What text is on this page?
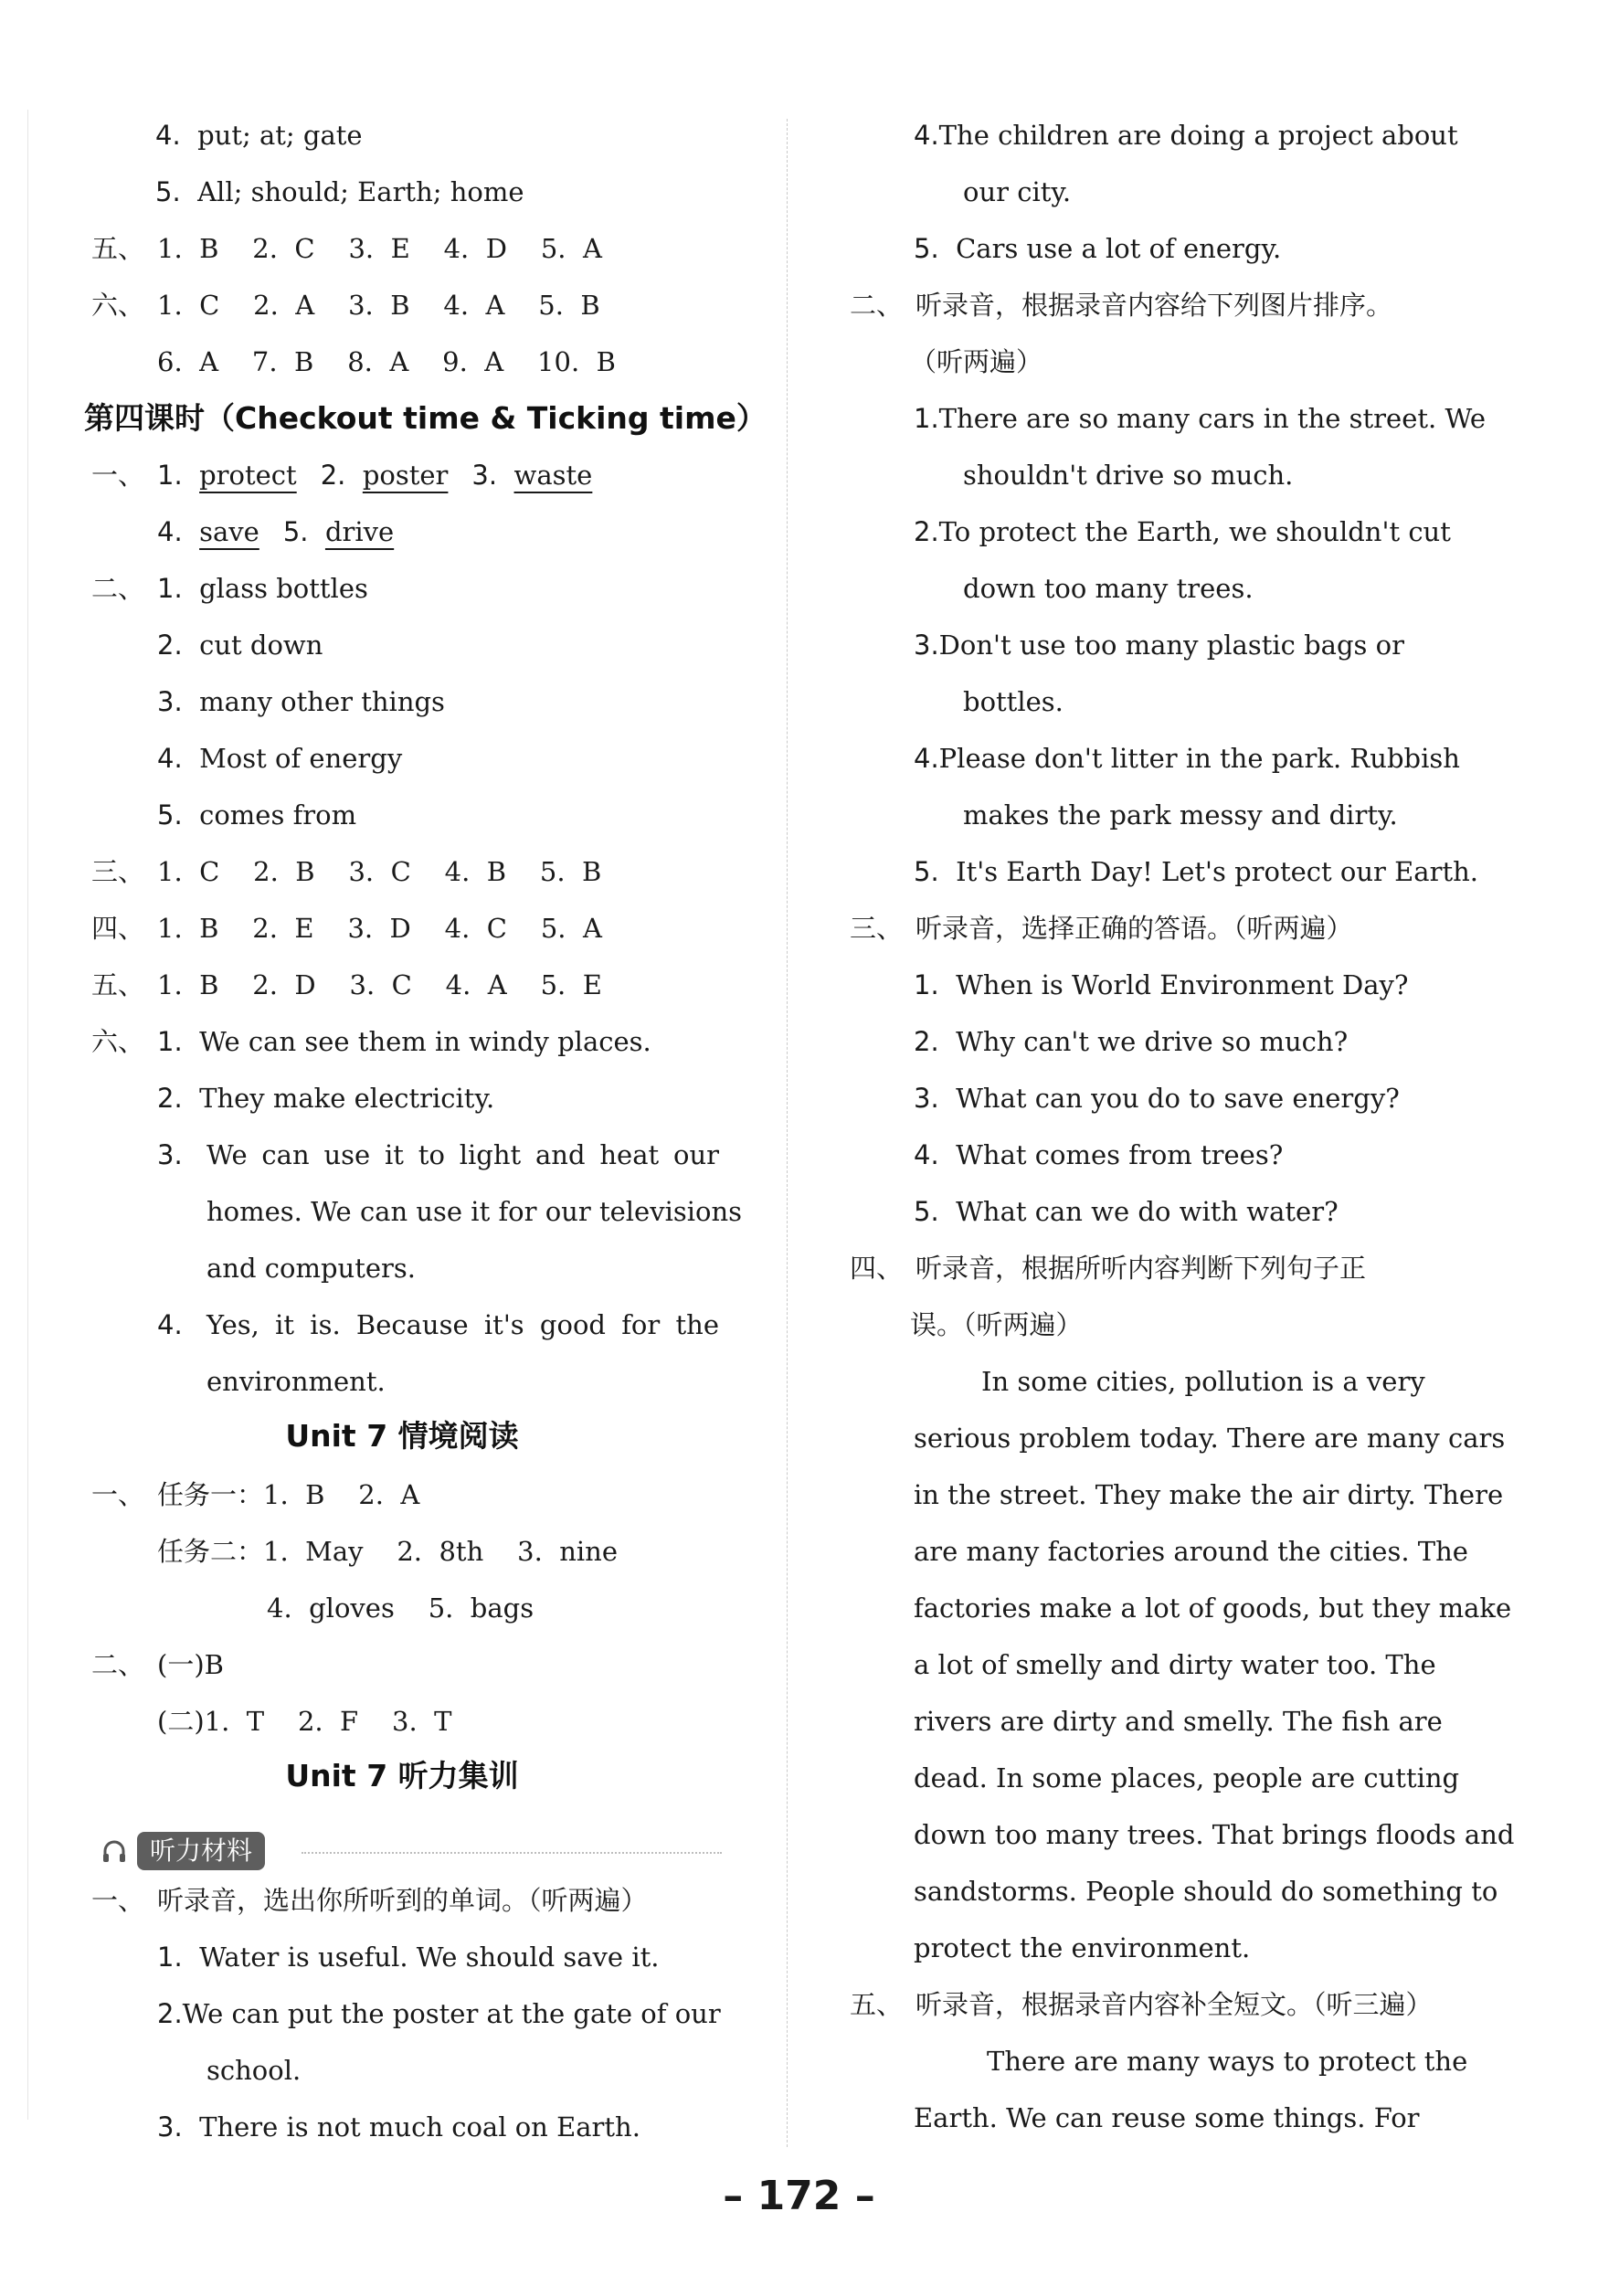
4. put; at; gate
5. All; should; Earth; home
五、 1.  B    2.  C    3.  E    4.  D    5.  A
六、 1.  C    2.  A    3.  B    4.  A    5.  B
6.  A    7.  B    8.  A    9.  A    10.  B
第四课时（Checkout time & Ticking time）
一、 1. protect 2. poster 3. waste
4. save 5. drive
二、 1. glass bottles
2. cut down
3. many other things
4. Most of energy
5. comes from
三、 1.  C    2.  B    3.  C    4.  B    5.  B
四、 1.  B    2.  E    3.  D    4.  C    5.  A
五、 1.  B    2.  D    3.  C    4.  A    5.  E
六、 1. We can see them in windy places.
2. They make electricity.
3. We can use it to light and heat our
homes. We can use it for our televisions
and computers.
4. Yes, it is. Because it's good for the
environment.
Unit 7 情境阅读
一、 任务一：1.  B    2.  A
任务二：1.  May    2.  8th    3.  nine
4.  gloves    5.  bags
二、 (一)B
(二)1.  T    2.  F    3.  T
Unit 7 听力集训
一、 听录音，选出你所听到的单词。（听两遍）
1. Water is useful. We should save it.
2. We can put the poster at the gate of our
school.
3. There is not much coal on Earth.
听力材料
4. The children are doing a project about
our city.
5. Cars use a lot of energy.
二、 听录音，根据录音内容给下列图片排序。
（听两遍）
1. There are so many cars in the street. We
shouldn't drive so much.
2. To protect the Earth, we shouldn't cut
down too many trees.
3. Don't use too many plastic bags or
bottles.
4. Please don't litter in the park. Rubbish
makes the park messy and dirty.
5. It's Earth Day! Let's protect our Earth.
三、 听录音，选择正确的答语。（听两遍）
1. When is World Environment Day?
2. Why can't we drive so much?
3. What can you do to save energy?
4. What comes from trees?
5. What can we do with water?
四、 听录音，根据所听内容判断下列句子正
误。（听两遍）
In some cities, pollution is a very
serious problem today. There are many cars
in the street. They make the air dirty. There
are many factories around the cities. The
factories make a lot of goods, but they make
a lot of smelly and dirty water too. The
rivers are dirty and smelly. The fish are
dead. In some places, people are cutting
down too many trees. That brings floods and
sandstorms. People should do something to
protect the environment.
五、 听录音，根据录音内容补全短文。（听三遍）
There are many ways to protect the
Earth. We can reuse some things. For
– 172 –
